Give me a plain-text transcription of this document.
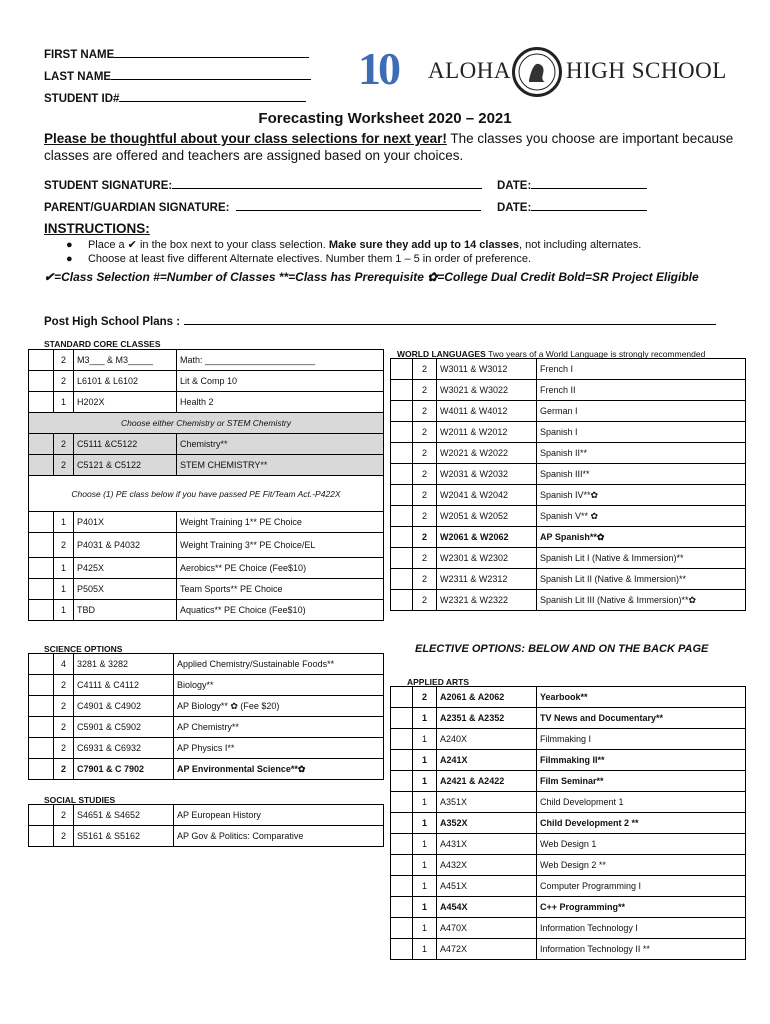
FIRST NAME
LAST NAME
STUDENT ID#
10 ALOHA HIGH SCHOOL
Forecasting Worksheet 2020 – 2021
Please be thoughtful about your class selections for next year! The classes you choose are important because classes are offered and teachers are assigned based on your choices.
STUDENT SIGNATURE:	DATE:
PARENT/GUARDIAN SIGNATURE:	DATE:
INSTRUCTIONS:
●     Place a ✔ in the box next to your class selection. Make sure they add up to 14 classes, not including alternates.
●     Choose at least five different Alternate electives. Number them 1 – 5 in order of preference.
✔=Class Selection #=Number of Classes **=Class has Prerequisite ✿=College Dual Credit Bold=SR Project Eligible
Post High School Plans :
STANDARD CORE CLASSES
	2	M3___ & M3_____	Math: ______________________
	2	L6101 & L6102	Lit & Comp 10
	1	H202X	Health 2
Choose either Chemistry or STEM Chemistry			
	2	C5111 &C5122	Chemistry**
	2	C5121 & C5122	STEM CHEMISTRY**
Choose (1) PE class below if you have passed PE Fit/Team Act.-P422X			
	1	P401X	Weight Training 1** PE Choice
	2	P4031 & P4032	Weight Training 3** PE Choice/EL
	1	P425X	Aerobics** PE Choice (Fee$10)
	1	P505X	Team Sports** PE Choice
	1	TBD	Aquatics** PE Choice (Fee$10)
SCIENCE OPTIONS
	4	3281 & 3282	Applied Chemistry/Sustainable Foods**
	2	C4111 & C4112	Biology**
	2	C4901 & C4902	AP Biology** ✿ (Fee $20)
	2	C5901 & C5902	AP Chemistry**
	2	C6931 & C6932	AP Physics I**
	2	C7901 & C 7902	AP Environmental Science**✿
SOCIAL STUDIES
	2	S4651 & S4652	AP European History
	2	S5161 & S5162	AP Gov & Politics: Comparative
WORLD LANGUAGES Two years of a World Language is strongly recommended
	2	W3011 & W3012	French I
	2	W3021 & W3022	French II
	2	W4011 & W4012	German I
	2	W2011 & W2012	Spanish I
	2	W2021 & W2022	Spanish II**
	2	W2031 & W2032	Spanish III**
	2	W2041 & W2042	Spanish IV**✿
	2	W2051 & W2052	Spanish V** ✿
	2	W2061 & W2062	AP Spanish**✿
	2	W2301 & W2302	Spanish Lit I (Native & Immersion)**
	2	W2311 & W2312	Spanish Lit II (Native & Immersion)**
	2	W2321 & W2322	Spanish Lit III (Native & Immersion)**✿
ELECTIVE OPTIONS: BELOW AND ON THE BACK PAGE
APPLIED ARTS
	2	A2061 & A2062	Yearbook**
	1	A2351 & A2352	TV News and Documentary**
	1	A240X	Filmmaking I
	1	A241X	Filmmaking II**
	1	A2421 & A2422	Film Seminar**
	1	A351X	Child Development 1
	1	A352X	Child Development 2 **
	1	A431X	Web Design 1
	1	A432X	Web Design 2 **
	1	A451X	Computer Programming I
	1	A454X	C++ Programming**
	1	A470X	Information Technology I
	1	A472X	Information Technology II **
